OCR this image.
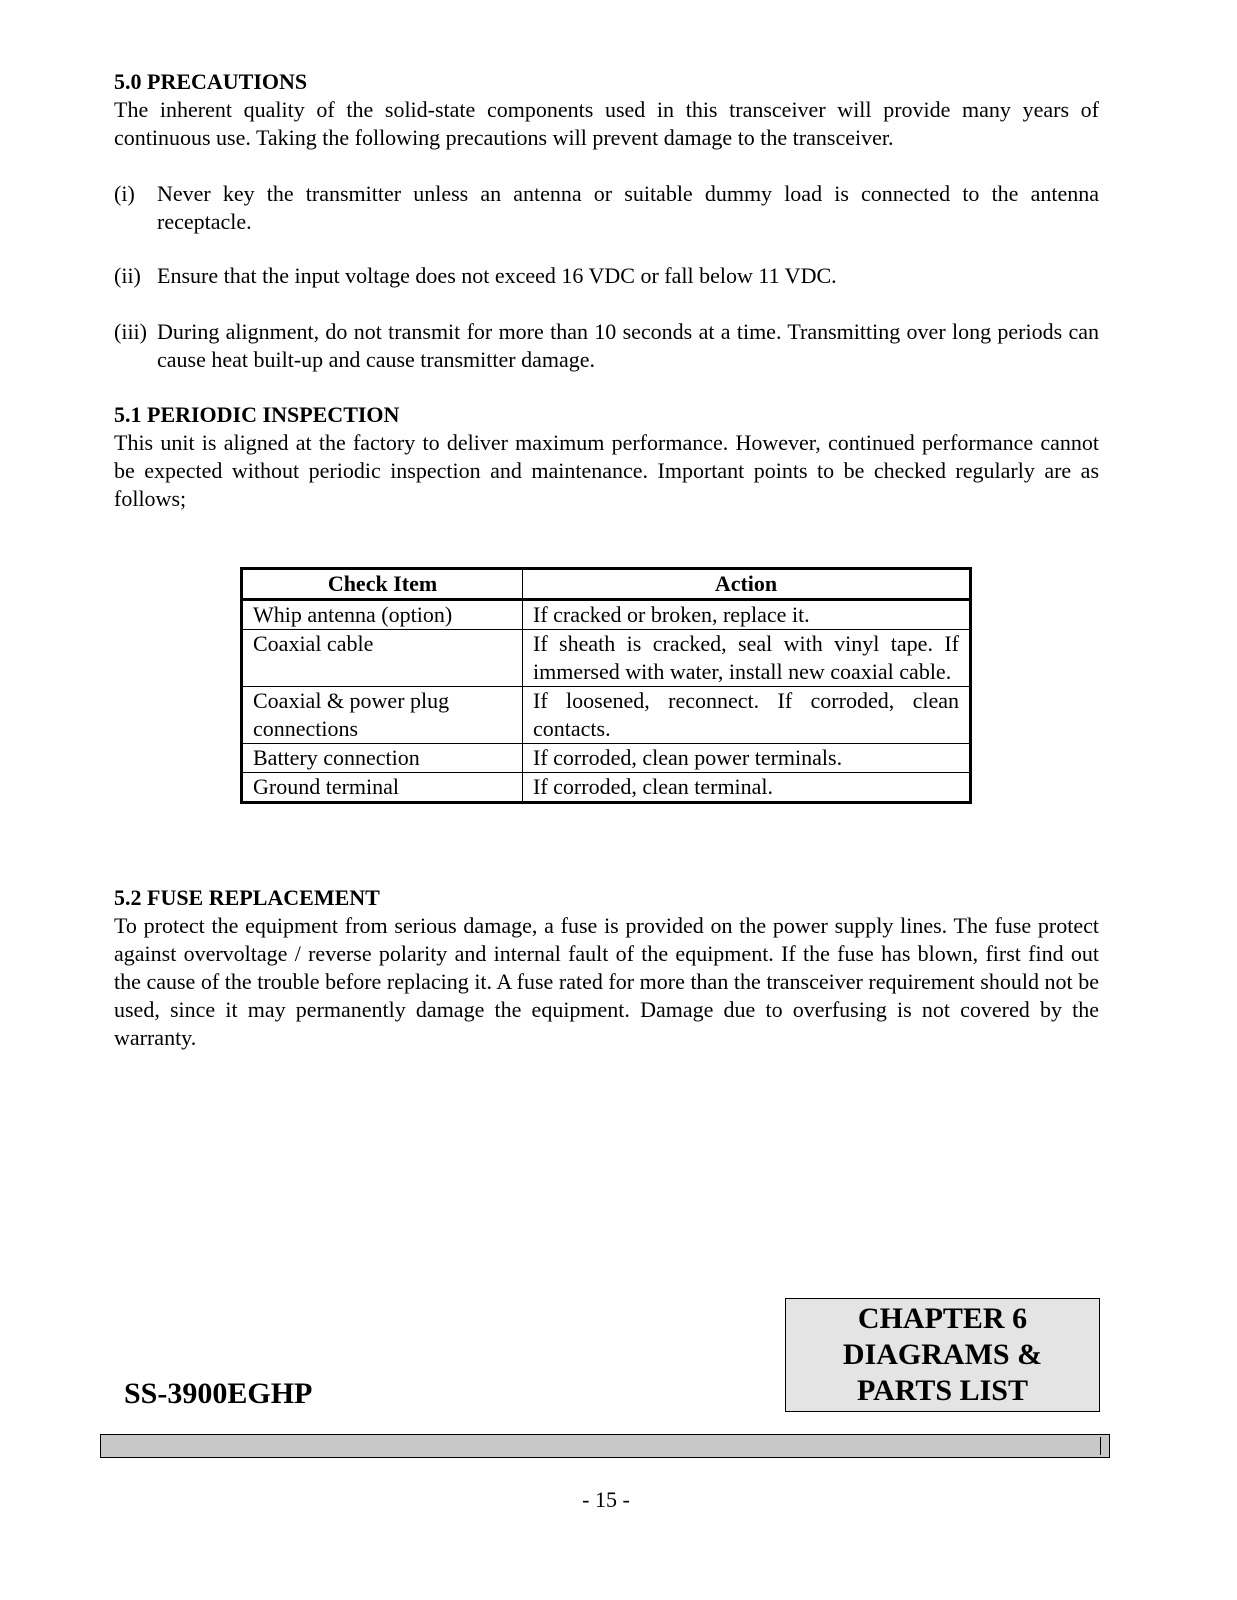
5.0 PRECAUTIONS

The inherent quality of the solid-state components used in this transceiver will provide many years of continuous use. Taking the following precautions will prevent damage to the transceiver.

(i) Never key the transmitter unless an antenna or suitable dummy load is connected to the antenna receptacle.
(ii) Ensure that the input voltage does not exceed 16 VDC or fall below 11 VDC.
(iii) During alignment, do not transmit for more than 10 seconds at a time. Transmitting over long periods can cause heat built-up and cause transmitter damage.
5.1 PERIODIC INSPECTION

This unit is aligned at the factory to deliver maximum performance. However, continued performance cannot be expected without periodic inspection and maintenance. Important points to be checked regularly are as follows;

Check Item	Action
Whip antenna (option)	If cracked or broken, replace it.
Coaxial cable	If sheath is cracked, seal with vinyl tape. If immersed with water, install new coaxial cable.
Coaxial & power plug connections	If loosened, reconnect. If corroded, clean contacts.
Battery connection	If corroded, clean power terminals.
Ground terminal	If corroded, clean terminal.
5.2 FUSE REPLACEMENT

To protect the equipment from serious damage, a fuse is provided on the power supply lines. The fuse protect against overvoltage / reverse polarity and internal fault of the equipment. If the fuse has blown, first find out the cause of the trouble before replacing it. A fuse rated for more than the transceiver requirement should not be used, since it may permanently damage the equipment. Damage due to overfusing is not covered by the warranty.

SS-3900EGHP
CHAPTER 6
DIAGRAMS &
PARTS LIST
- 15 -
